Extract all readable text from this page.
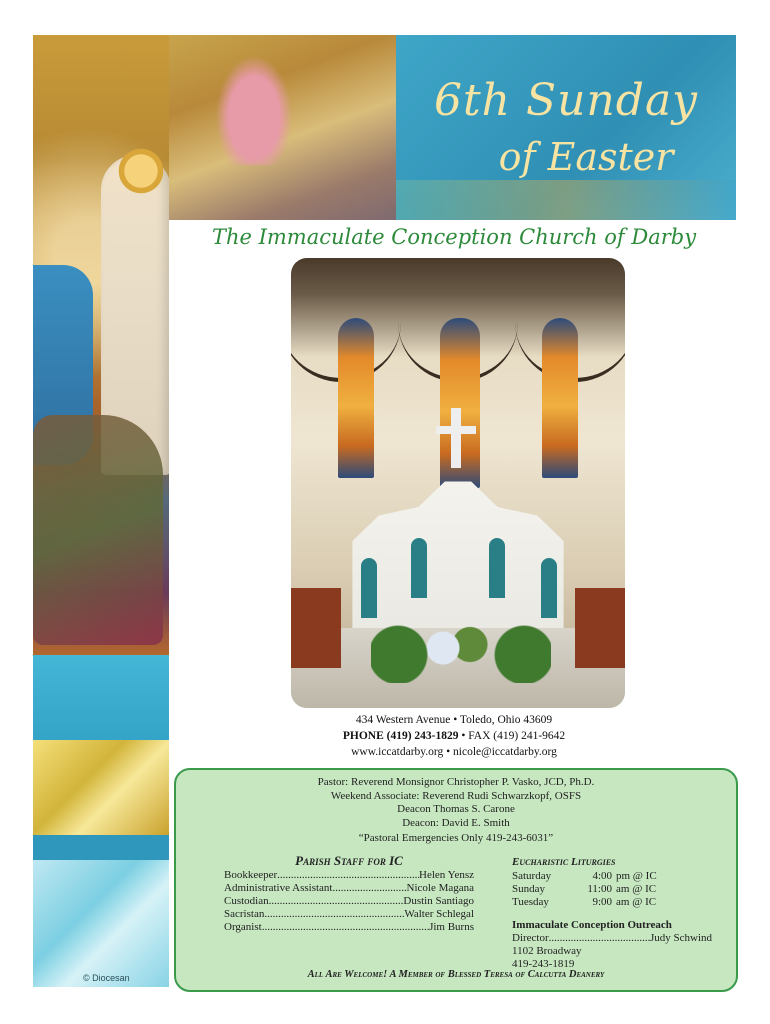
© Diocesan
6th Sunday
of Easter
The Immaculate Conception Church of Darby
434 Western Avenue • Toledo, Ohio 43609
PHONE (419) 243-1829 • FAX (419) 241-9642
www.iccatdarby.org • nicole@iccatdarby.org
Pastor: Reverend Monsignor Christopher P. Vasko, JCD, Ph.D.
Weekend Associate: Reverend Rudi Schwarzkopf, OSFS
Deacon Thomas S. Carone
Deacon: David E. Smith
“Pastoral Emergencies Only 419-243-6031”
Parish Staff for IC
Bookkeeper .....	Helen Yensz
Administrative Assistant .....	Nicole Magana
Custodian .....	Dustin Santiago
Sacristan .....	Walter Schlegal
Organist .....	Jim Burns
Eucharistic Liturgies
Saturday	4:00 pm @ IC
Sunday	11:00 am @ IC
Tuesday	9:00 am @ IC
Immaculate Conception Outreach
Director .....	Judy Schwind
1102 Broadway
419-243-1819
All Are Welcome! A Member of Blessed Teresa of Calcutta Deanery
